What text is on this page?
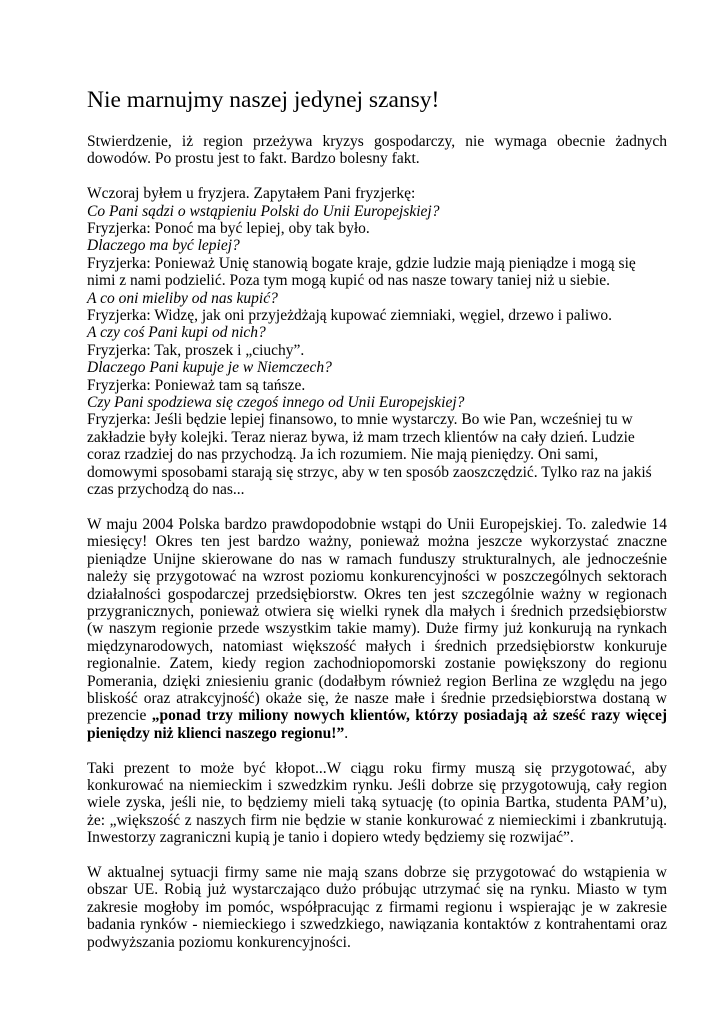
Nie marnujmy naszej jedynej szansy!

Stwierdzenie, iż region przeżywa kryzys gospodarczy, nie wymaga obecnie żadnych dowodów. Po prostu jest to fakt. Bardzo bolesny fakt.

Wczoraj byłem u fryzjera. Zapytałem Pani fryzjerkę:
Co Pani sądzi o wstąpieniu Polski do Unii Europejskiej?
Fryzjerka: Ponoć ma być lepiej, oby tak było.
Dlaczego ma być lepiej?
Fryzjerka: Ponieważ Unię stanowią bogate kraje, gdzie ludzie mają pieniądze i mogą się nimi z nami podzielić. Poza tym mogą kupić od nas nasze towary taniej niż u siebie.
A co oni mieliby od nas kupić?
Fryzjerka: Widzę, jak oni przyjeżdżają kupować ziemniaki, węgiel, drzewo i paliwo.
A czy coś Pani kupi od nich?
Fryzjerka: Tak, proszek i „ciuchy”.
Dlaczego Pani kupuje je w Niemczech?
Fryzjerka: Ponieważ tam są tańsze.
Czy Pani spodziewa się czegoś innego od Unii Europejskiej?
Fryzjerka: Jeśli będzie lepiej finansowo, to mnie wystarczy. Bo wie Pan, wcześniej tu w zakładzie były kolejki. Teraz nieraz bywa, iż mam trzech klientów na cały dzień. Ludzie coraz rzadziej do nas przychodzą. Ja ich rozumiem. Nie mają pieniędzy. Oni sami, domowymi sposobami starają się strzyc, aby w ten sposób zaoszczędzić. Tylko raz na jakiś czas przychodzą do nas...

W maju 2004 Polska bardzo prawdopodobnie wstąpi do Unii Europejskiej. To. zaledwie 14 miesięcy! Okres ten jest bardzo ważny, ponieważ można jeszcze wykorzystać znaczne pieniądze Unijne skierowane do nas w ramach funduszy strukturalnych, ale jednocześnie należy się przygotować na wzrost poziomu konkurencyjności w poszczególnych sektorach działalności gospodarczej przedsiębiorstw. Okres ten jest szczególnie ważny w regionach przygranicznych, ponieważ otwiera się wielki rynek dla małych i średnich przedsiębiorstw (w naszym regionie przede wszystkim takie mamy). Duże firmy już konkurują na rynkach międzynarodowych, natomiast większość małych i średnich przedsiębiorstw konkuruje regionalnie. Zatem, kiedy region zachodniopomorski zostanie powiększony do regionu Pomerania, dzięki zniesieniu granic (dodałbym również region Berlina ze względu na jego bliskość oraz atrakcyjność) okaże się, że nasze małe i średnie przedsiębiorstwa dostaną w prezencie „ponad trzy miliony nowych klientów, którzy posiadają aż sześć razy więcej pieniędzy niż klienci naszego regionu!”.

Taki prezent to może być kłopot...W ciągu roku firmy muszą się przygotować, aby konkurować na niemieckim i szwedzkim rynku. Jeśli dobrze się przygotowują, cały region wiele zyska, jeśli nie, to będziemy mieli taką sytuację (to opinia Bartka, studenta PAM’u), że: „większość z naszych firm nie będzie w stanie konkurować z niemieckimi i zbankrutują. Inwestorzy zagraniczni kupią je tanio i dopiero wtedy będziemy się rozwijać”.

W aktualnej sytuacji firmy same nie mają szans dobrze się przygotować do wstąpienia w obszar UE. Robią już wystarczająco dużo próbując utrzymać się na rynku. Miasto w tym zakresie mogłoby im pomóc, współpracując z firmami regionu i wspierając je w zakresie badania rynków - niemieckiego i szwedzkiego, nawiązania kontaktów z kontrahentami oraz podwyższania poziomu konkurencyjności.
